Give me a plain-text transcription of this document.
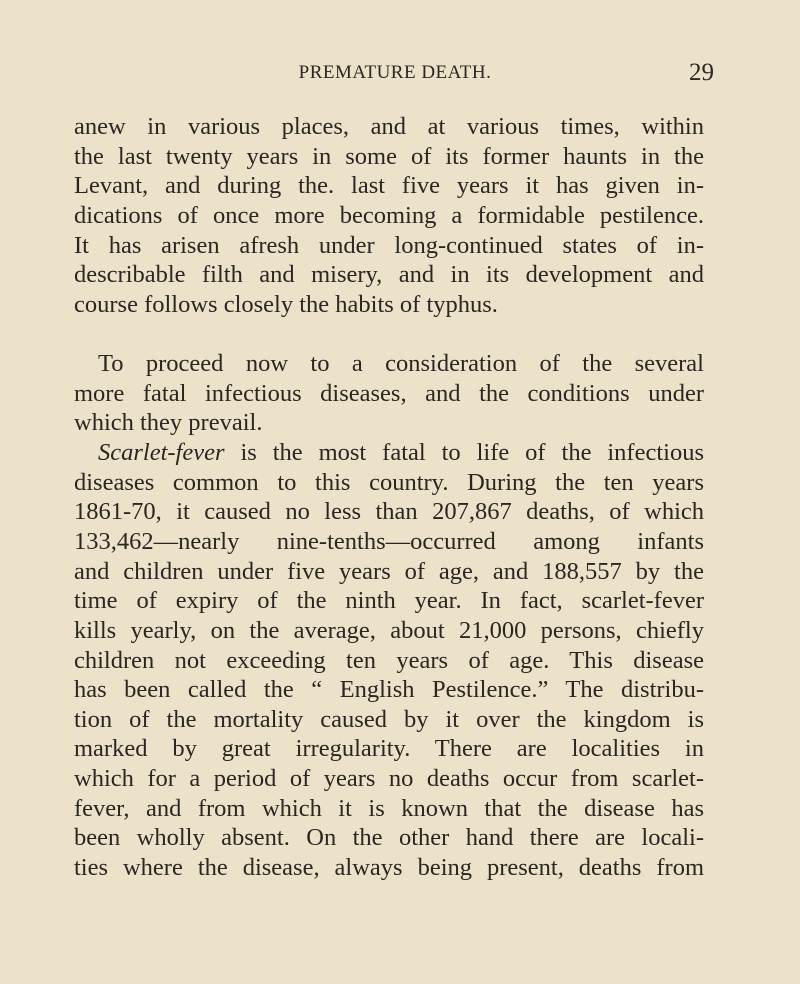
PREMATURE DEATH.	29
anew in various places, and at various times, within
the last twenty years in some of its former haunts in the
Levant, and during the. last five years it has given in-
dications of once more becoming a formidable pestilence.
It has arisen afresh under long-continued states of in-
describable filth and misery, and in its development and
course follows closely the habits of typhus.
To proceed now to a consideration of the several
more fatal infectious diseases, and the conditions under
which they prevail.
Scarlet-fever is the most fatal to life of the infectious
diseases common to this country. During the ten years
1861-70, it caused no less than 207,867 deaths, of which
133,462—nearly nine-tenths—occurred among infants
and children under five years of age, and 188,557 by the
time of expiry of the ninth year. In fact, scarlet-fever
kills yearly, on the average, about 21,000 persons, chiefly
children not exceeding ten years of age. This disease
has been called the “ English Pestilence.” The distribu-
tion of the mortality caused by it over the kingdom is
marked by great irregularity. There are localities in
which for a period of years no deaths occur from scarlet-
fever, and from which it is known that the disease has
been wholly absent. On the other hand there are locali-
ties where the disease, always being present, deaths from
